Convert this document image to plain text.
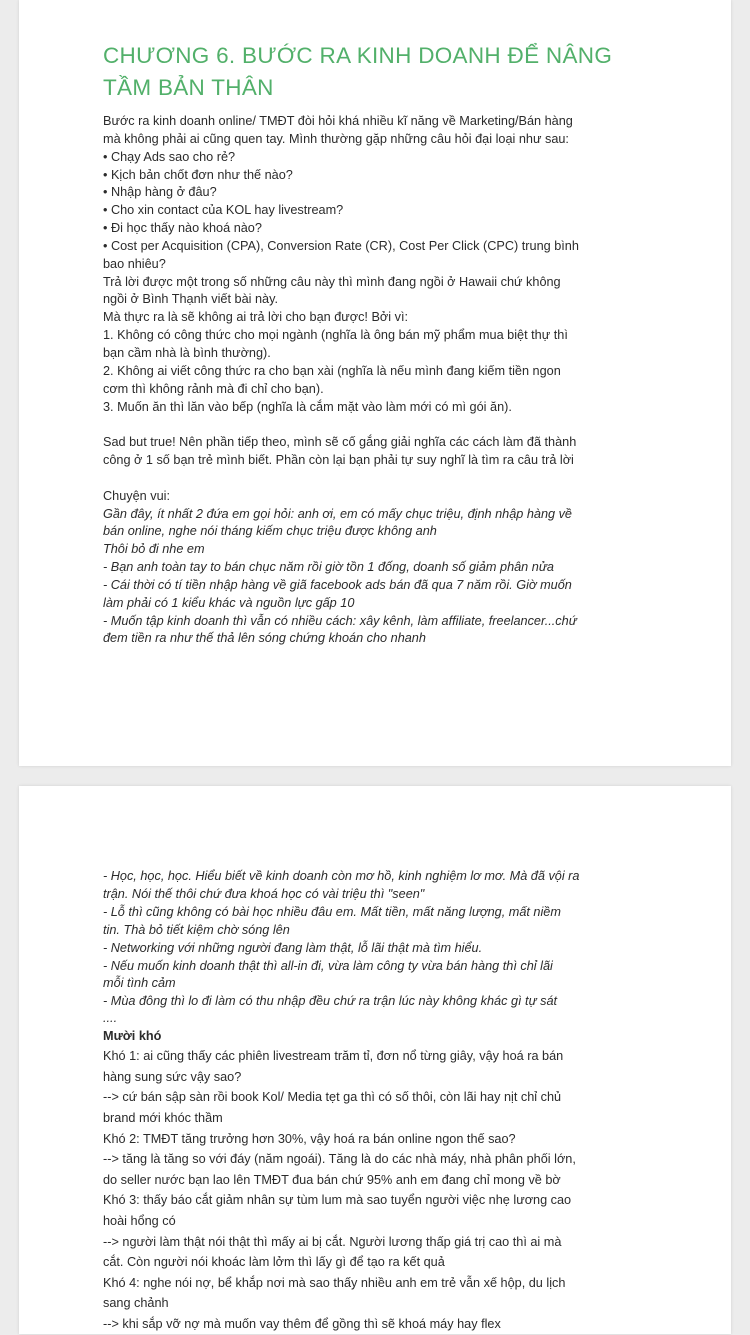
CHƯƠNG 6. BƯỚC RA KINH DOANH ĐỂ NÂNG
TẦM BẢN THÂN
Bước ra kinh doanh online/ TMĐT đòi hỏi khá nhiều kĩ năng về Marketing/Bán hàng
mà không phải ai cũng quen tay. Mình thường gặp những câu hỏi đại loại như sau:
• Chạy Ads sao cho rẻ?
• Kịch bản chốt đơn như thế nào?
• Nhập hàng ở đâu?
• Cho xin contact của KOL hay livestream?
• Đi học thấy nào khoá nào?
• Cost per Acquisition (CPA), Conversion Rate (CR), Cost Per Click (CPC) trung bình
bao nhiêu?
Trả lời được một trong số những câu này thì mình đang ngồi ở Hawaii chứ không
ngồi ở Bình Thạnh viết bài này.
Mà thực ra là sẽ không ai trả lời cho bạn được! Bởi vì:
1. Không có công thức cho mọi ngành (nghĩa là ông bán mỹ phẩm mua biệt thự thì
bạn cầm nhà là bình thường).
2. Không ai viết công thức ra cho bạn xài (nghĩa là nếu mình đang kiếm tiền ngon
cơm thì không rảnh mà đi chỉ cho bạn).
3. Muốn ăn thì lăn vào bếp (nghĩa là cắm mặt vào làm mới có mì gói ăn).
Sad but true! Nên phần tiếp theo, mình sẽ cố gắng giải nghĩa các cách làm đã thành
công ở 1 số bạn trẻ mình biết. Phần còn lại bạn phải tự suy nghĩ là tìm ra câu trả lời
Chuyện vui:
Gần đây, ít nhất 2 đứa em gọi hỏi: anh ơi, em có mấy chục triệu, định nhập hàng về
bán online, nghe nói tháng kiếm chục triệu được không anh
Thôi bỏ đi nhe em
- Bạn anh toàn tay to bán chục năm rồi giờ tồn 1 đống, doanh số giảm phân nửa
- Cái thời có tí tiền nhập hàng về giã facebook ads bán đã qua 7 năm rồi. Giờ muốn
làm phải có 1 kiểu khác và nguồn lực gấp 10
- Muốn tập kinh doanh thì vẫn có nhiều cách: xây kênh, làm affiliate, freelancer...chứ
đem tiền ra như thế thả lên sóng chứng khoán cho nhanh
- Học, học, học. Hiểu biết về kinh doanh còn mơ hồ, kinh nghiệm lơ mơ. Mà đã vội ra
trận. Nói thế thôi chứ đưa khoá học có vài triệu thì "seen"
- Lỗ thì cũng không có bài học nhiều đâu em. Mất tiền, mất năng lượng, mất niềm
tin. Thà bỏ tiết kiệm chờ sóng lên
- Networking với những người đang làm thật, lỗ lãi thật mà tìm hiểu.
- Nếu muốn kinh doanh thật thì all-in đi, vừa làm công ty vừa bán hàng thì chỉ lãi
mỗi tình cảm
- Mùa đông thì lo đi làm có thu nhập đều chứ ra trận lúc này không khác gì tự sát
....
Mười khó
Khó 1: ai cũng thấy các phiên livestream trăm tỉ, đơn nổ từng giây, vậy hoá ra bán
hàng sung sức vậy sao?
--> cứ bán sập sàn rồi book Kol/ Media tẹt ga thì có số thôi, còn lãi hay nịt chỉ chủ
brand mới khóc thầm
Khó 2: TMĐT tăng trưởng hơn 30%, vậy hoá ra bán online ngon thế sao?
--> tăng là tăng so với đáy (năm ngoái). Tăng là do các nhà máy, nhà phân phối lớn,
do seller nước bạn lao lên TMĐT đua bán chứ 95% anh em đang chỉ mong về bờ
Khó 3: thấy báo cắt giảm nhân sự tùm lum mà sao tuyển người việc nhẹ lương cao
hoài hổng có
--> người làm thật nói thật thì mấy ai bị cắt. Người lương thấp giá trị cao thì ai mà
cắt. Còn người nói khoác làm lởm thì lấy gì để tạo ra kết quả
Khó 4: nghe nói nợ, bể khắp nơi mà sao thấy nhiều anh em trẻ vẫn xế hộp, du lịch
sang chảnh
--> khi sắp vỡ nợ mà muốn vay thêm để gồng thì sẽ khoá máy hay flex
